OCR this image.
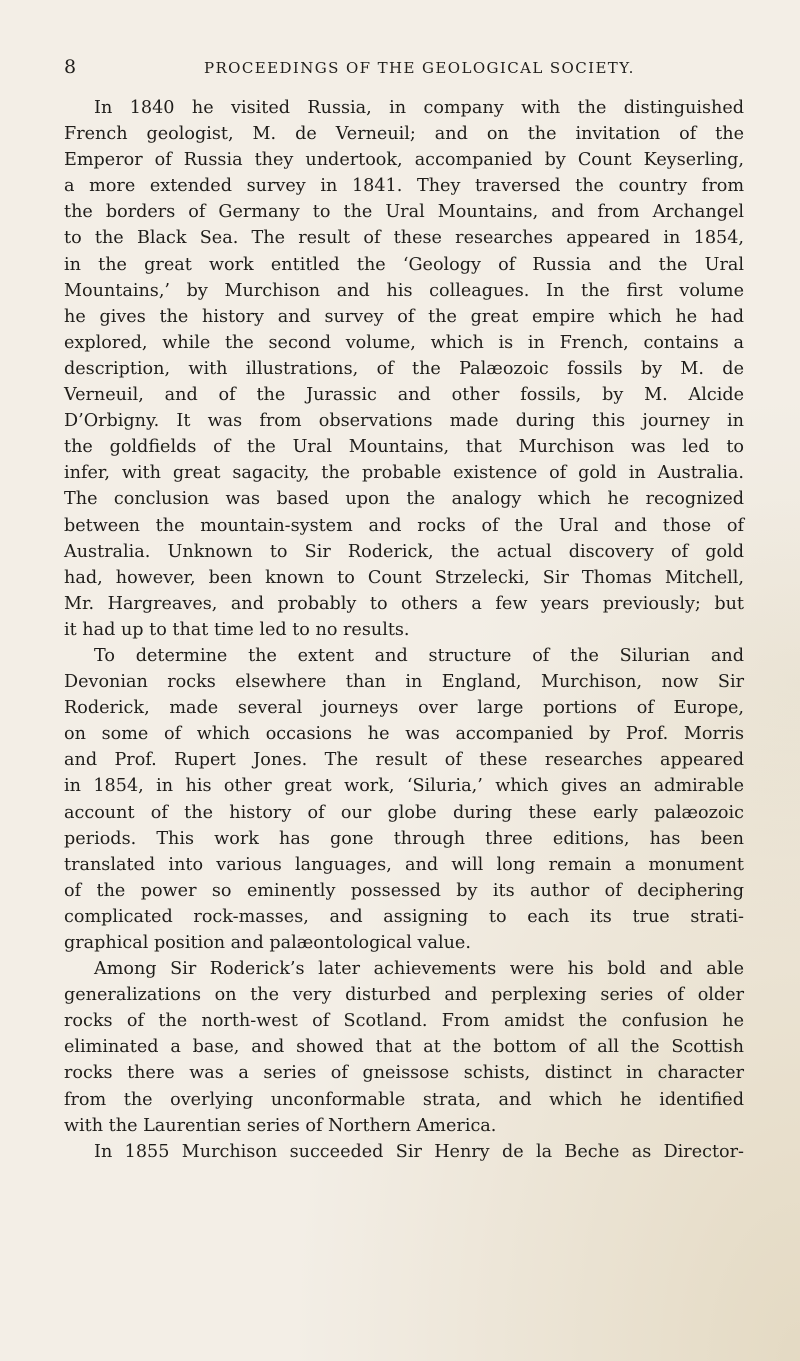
8	PROCEEDINGS OF THE GEOLOGICAL SOCIETY.
In 1840 he visited Russia, in company with the distinguished
French geologist, M. de Verneuil; and on the invitation of the
Emperor of Russia they undertook, accompanied by Count Keyserling,
a more extended survey in 1841. They traversed the country from
the borders of Germany to the Ural Mountains, and from Archangel
to the Black Sea. The result of these researches appeared in 1854,
in the great work entitled the ‘Geology of Russia and the Ural
Mountains,’ by Murchison and his colleagues. In the first volume
he gives the history and survey of the great empire which he had
explored, while the second volume, which is in French, contains a
description, with illustrations, of the Palæozoic fossils by M. de
Verneuil, and of the Jurassic and other fossils, by M. Alcide
D’Orbigny. It was from observations made during this journey in
the goldfields of the Ural Mountains, that Murchison was led to
infer, with great sagacity, the probable existence of gold in Australia.
The conclusion was based upon the analogy which he recognized
between the mountain-system and rocks of the Ural and those of
Australia. Unknown to Sir Roderick, the actual discovery of gold
had, however, been known to Count Strzelecki, Sir Thomas Mitchell,
Mr. Hargreaves, and probably to others a few years previously; but
it had up to that time led to no results.
To determine the extent and structure of the Silurian and
Devonian rocks elsewhere than in England, Murchison, now Sir
Roderick, made several journeys over large portions of Europe,
on some of which occasions he was accompanied by Prof. Morris
and Prof. Rupert Jones. The result of these researches appeared
in 1854, in his other great work, ‘Siluria,’ which gives an admirable
account of the history of our globe during these early palæozoic
periods. This work has gone through three editions, has been
translated into various languages, and will long remain a monument
of the power so eminently possessed by its author of deciphering
complicated rock-masses, and assigning to each its true strati-
graphical position and palæontological value.
Among Sir Roderick’s later achievements were his bold and able
generalizations on the very disturbed and perplexing series of older
rocks of the north-west of Scotland. From amidst the confusion he
eliminated a base, and showed that at the bottom of all the Scottish
rocks there was a series of gneissose schists, distinct in character
from the overlying unconformable strata, and which he identified
with the Laurentian series of Northern America.
In 1855 Murchison succeeded Sir Henry de la Beche as Director-
